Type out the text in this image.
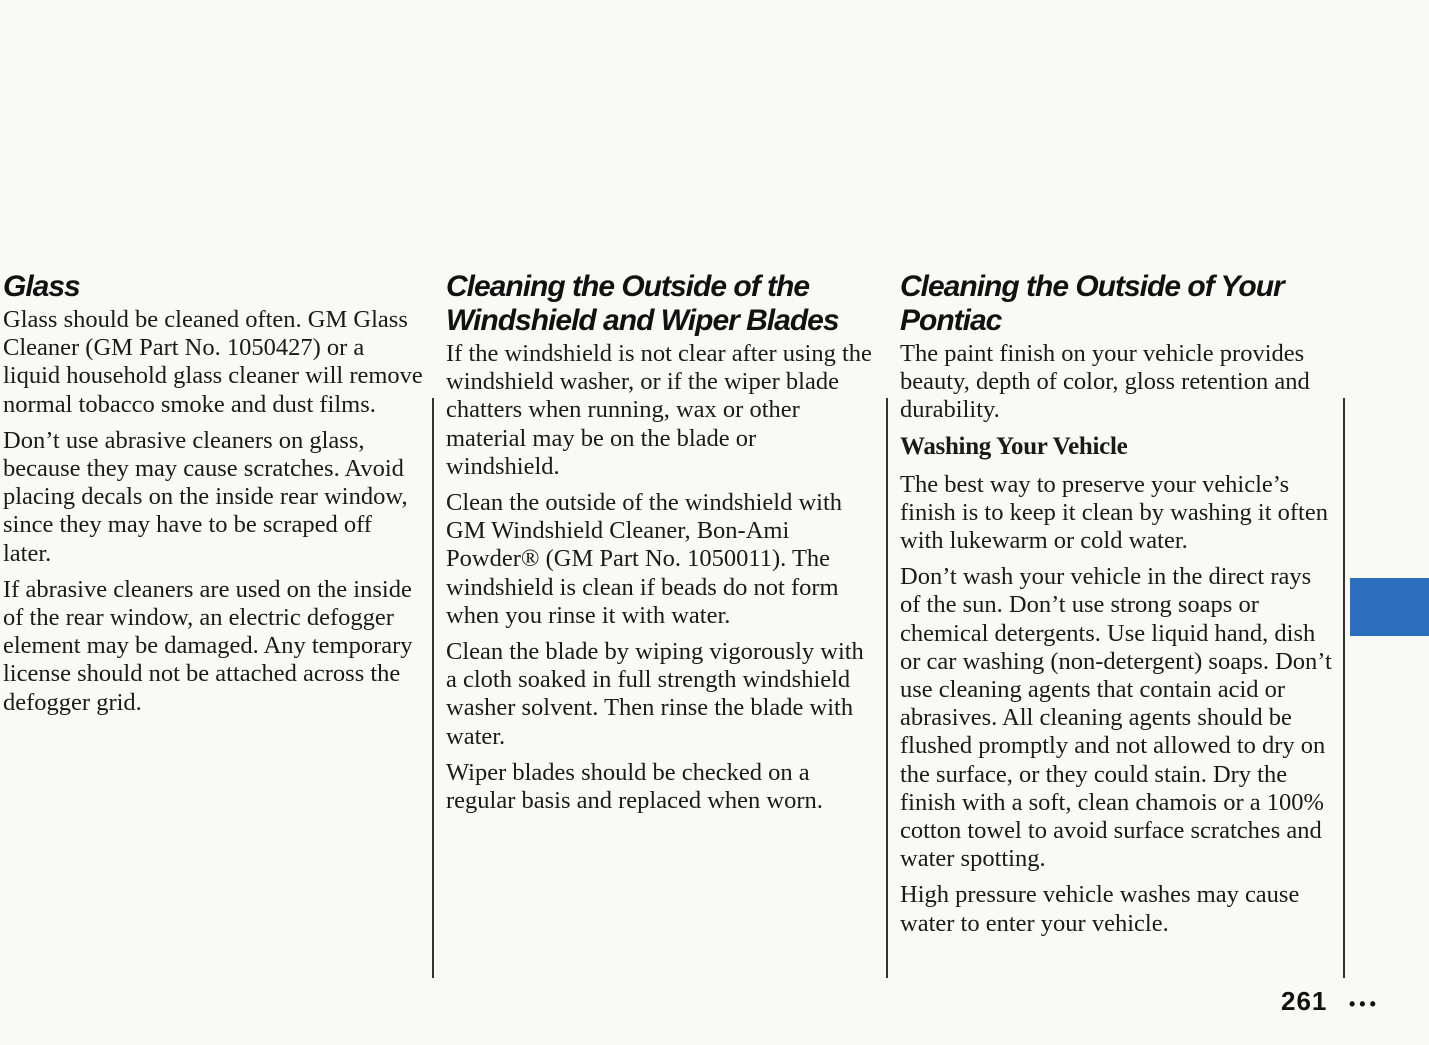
Glass

Glass should be cleaned often. GM Glass Cleaner (GM Part No. 1050427) or a liquid household glass cleaner will remove normal tobacco smoke and dust films.

Don’t use abrasive cleaners on glass, because they may cause scratches. Avoid placing decals on the inside rear window, since they may have to be scraped off later.

If abrasive cleaners are used on the inside of the rear window, an electric defogger element may be damaged. Any temporary license should not be attached across the defogger grid.

Cleaning the Outside of the
Windshield and Wiper Blades

If the windshield is not clear after using the windshield washer, or if the wiper blade chatters when running, wax or other material may be on the blade or windshield.

Clean the outside of the windshield with GM Windshield Cleaner, Bon-Ami Powder® (GM Part No. 1050011). The windshield is clean if beads do not form when you rinse it with water.

Clean the blade by wiping vigorously with a cloth soaked in full strength windshield washer solvent. Then rinse the blade with water.

Wiper blades should be checked on a regular basis and replaced when worn.

Cleaning the Outside of Your
Pontiac

The paint finish on your vehicle provides beauty, depth of color, gloss retention and durability.

Washing Your Vehicle

The best way to preserve your vehicle’s finish is to keep it clean by washing it often with lukewarm or cold water.

Don’t wash your vehicle in the direct rays of the sun. Don’t use strong soaps or chemical detergents. Use liquid hand, dish or car washing (non-detergent) soaps. Don’t use cleaning agents that contain acid or abrasives. All cleaning agents should be flushed promptly and not allowed to dry on the surface, or they could stain. Dry the finish with a soft, clean chamois or a 100% cotton towel to avoid surface scratches and water spotting.

High pressure vehicle washes may cause water to enter your vehicle.

261 •••
